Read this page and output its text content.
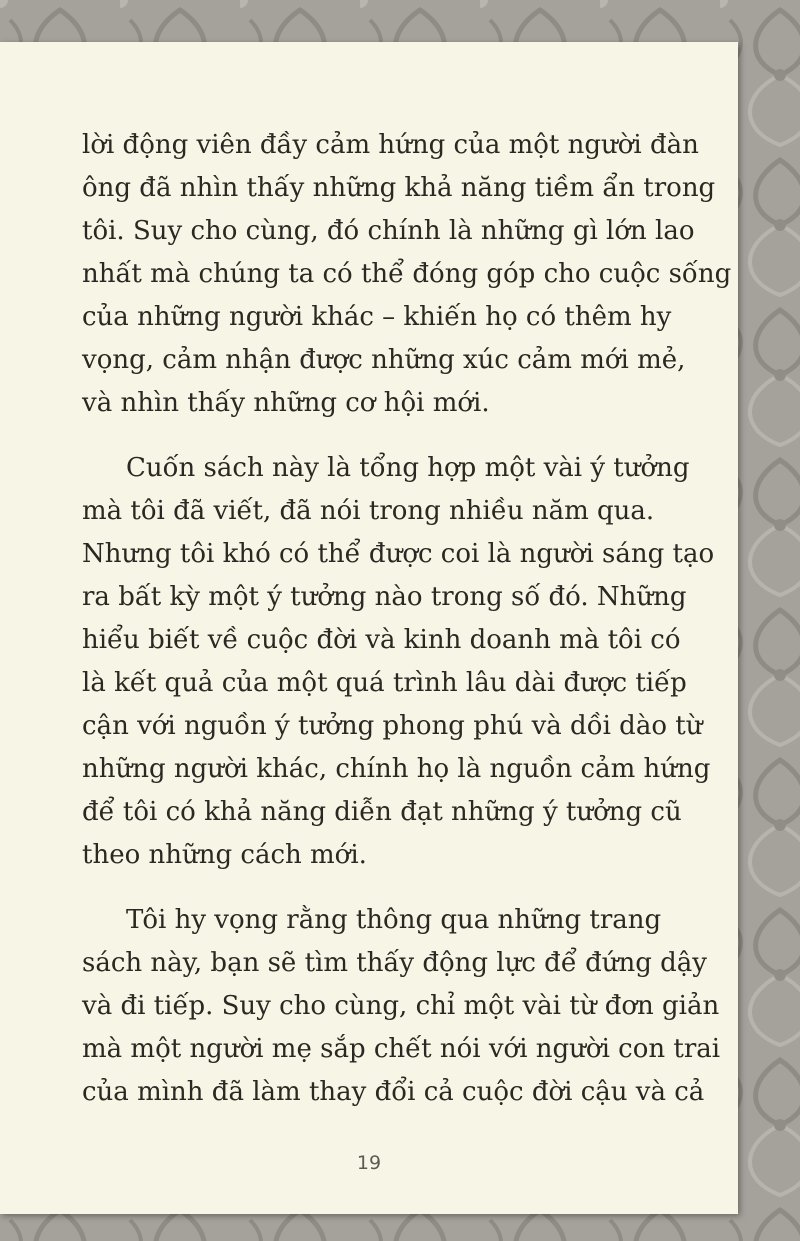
lời động viên đầy cảm hứng của một người đàn

ông đã nhìn thấy những khả năng tiềm ẩn trong

tôi. Suy cho cùng, đó chính là những gì lớn lao

nhất mà chúng ta có thể đóng góp cho cuộc sống

của những người khác – khiến họ có thêm hy

vọng, cảm nhận được những xúc cảm mới mẻ,

và nhìn thấy những cơ hội mới.

Cuốn sách này là tổng hợp một vài ý tưởng

mà tôi đã viết, đã nói trong nhiều năm qua.

Nhưng tôi khó có thể được coi là người sáng tạo

ra bất kỳ một ý tưởng nào trong số đó. Những

hiểu biết về cuộc đời và kinh doanh mà tôi có

là kết quả của một quá trình lâu dài được tiếp

cận với nguồn ý tưởng phong phú và dồi dào từ

những người khác, chính họ là nguồn cảm hứng

để tôi có khả năng diễn đạt những ý tưởng cũ

theo những cách mới.

Tôi hy vọng rằng thông qua những trang

sách này, bạn sẽ tìm thấy động lực để đứng dậy

và đi tiếp. Suy cho cùng, chỉ một vài từ đơn giản

mà một người mẹ sắp chết nói với người con trai

của mình đã làm thay đổi cả cuộc đời cậu và cả

19
